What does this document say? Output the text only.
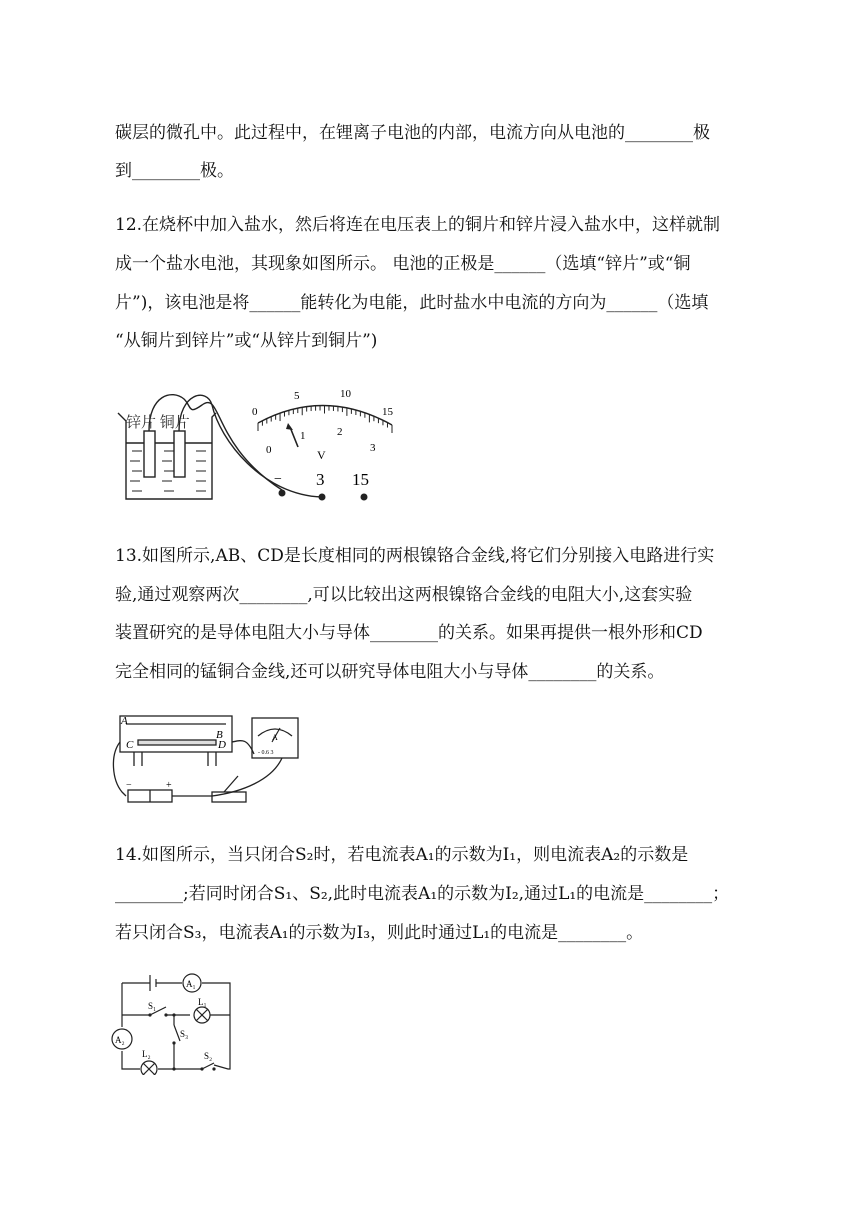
碳层的微孔中。此过程中，在锂离子电池的内部，电流方向从电池的________极
到________极。
12.在烧杯中加入盐水，然后将连在电压表上的铜片和锌片浸入盐水中，这样就制
成一个盐水电池，其现象如图所示。 电池的正极是______（选填“锌片”或“铜
片”)，该电池是将______能转化为电能，此时盐水中电流的方向为______（选填
“从铜片到锌片”或“从锌片到铜片”)
锌片 铜片
0
5	10
15
0
1	2
3
V
− 3 15
13.如图所示,AB、CD是长度相同的两根镍铬合金线,将它们分别接入电路进行实
验,通过观察两次________,可以比较出这两根镍铬合金线的电阻大小,这套实验
装置研究的是导体电阻大小与导体________的关系。如果再提供一根外形和CD
完全相同的锰铜合金线,还可以研究导体电阻大小与导体________的关系。
A
B
C	D
A
- 0.6 3
−	+
14.如图所示，当只闭合S₂时，若电流表A₁的示数为I₁，则电流表A₂的示数是
________;若同时闭合S₁、S₂,此时电流表A₁的示数为I₂,通过L₁的电流是________；
若只闭合S₃，电流表A₁的示数为I₃，则此时通过L₁的电流是________。
A₁
A₂
S₁
S₃
S₂
L₁
L₂
